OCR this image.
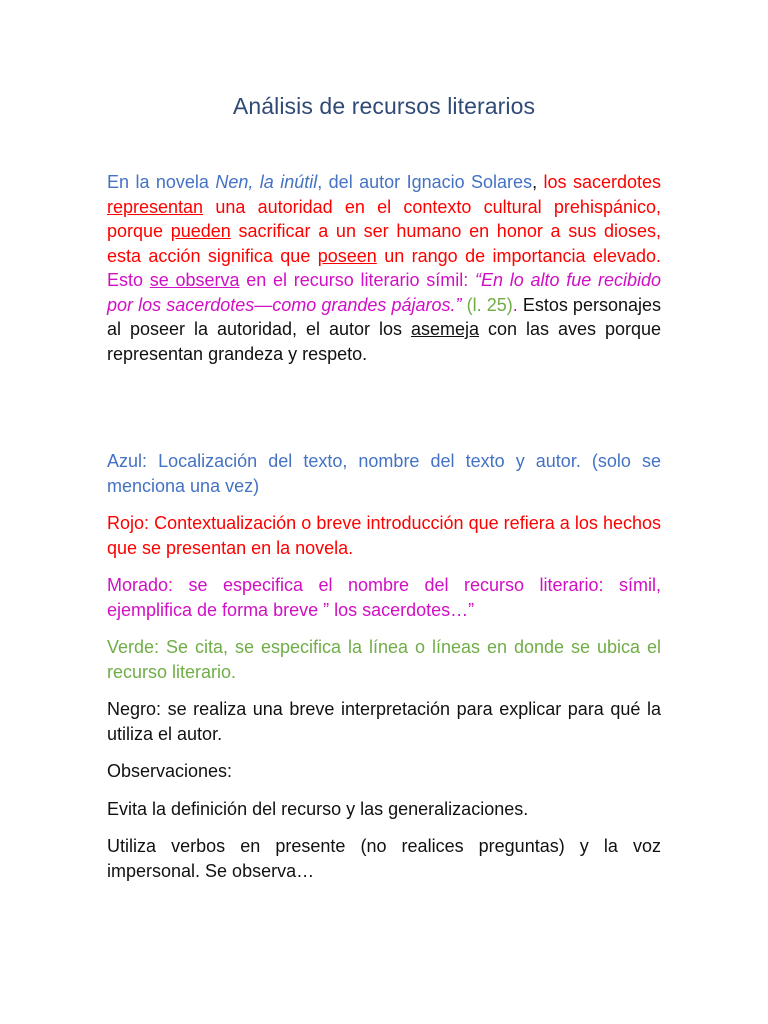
Análisis de recursos literarios

En la novela Nen, la inútil, del autor Ignacio Solares, los sacerdotes representan una autoridad en el contexto cultural prehispánico, porque pueden sacrificar a un ser humano en honor a sus dioses, esta acción significa que poseen un rango de importancia elevado. Esto se observa en el recurso literario símil: “En lo alto fue recibido por los sacerdotes—como grandes pájaros.” (l. 25). Estos personajes al poseer la autoridad, el autor los asemeja con las aves porque representan grandeza y respeto.

Azul: Localización del texto, nombre del texto y autor. (solo se menciona una vez)

Rojo: Contextualización o breve introducción que refiera a los hechos que se presentan en la novela.

Morado: se especifica el nombre del recurso literario: símil, ejemplifica de forma breve ” los sacerdotes…”

Verde: Se cita, se especifica la línea o líneas en donde se ubica el recurso literario.

Negro: se realiza una breve interpretación para explicar para qué la utiliza el autor.

Observaciones:

Evita la definición del recurso y las generalizaciones.

Utiliza verbos en presente (no realices preguntas) y la voz impersonal. Se observa…
